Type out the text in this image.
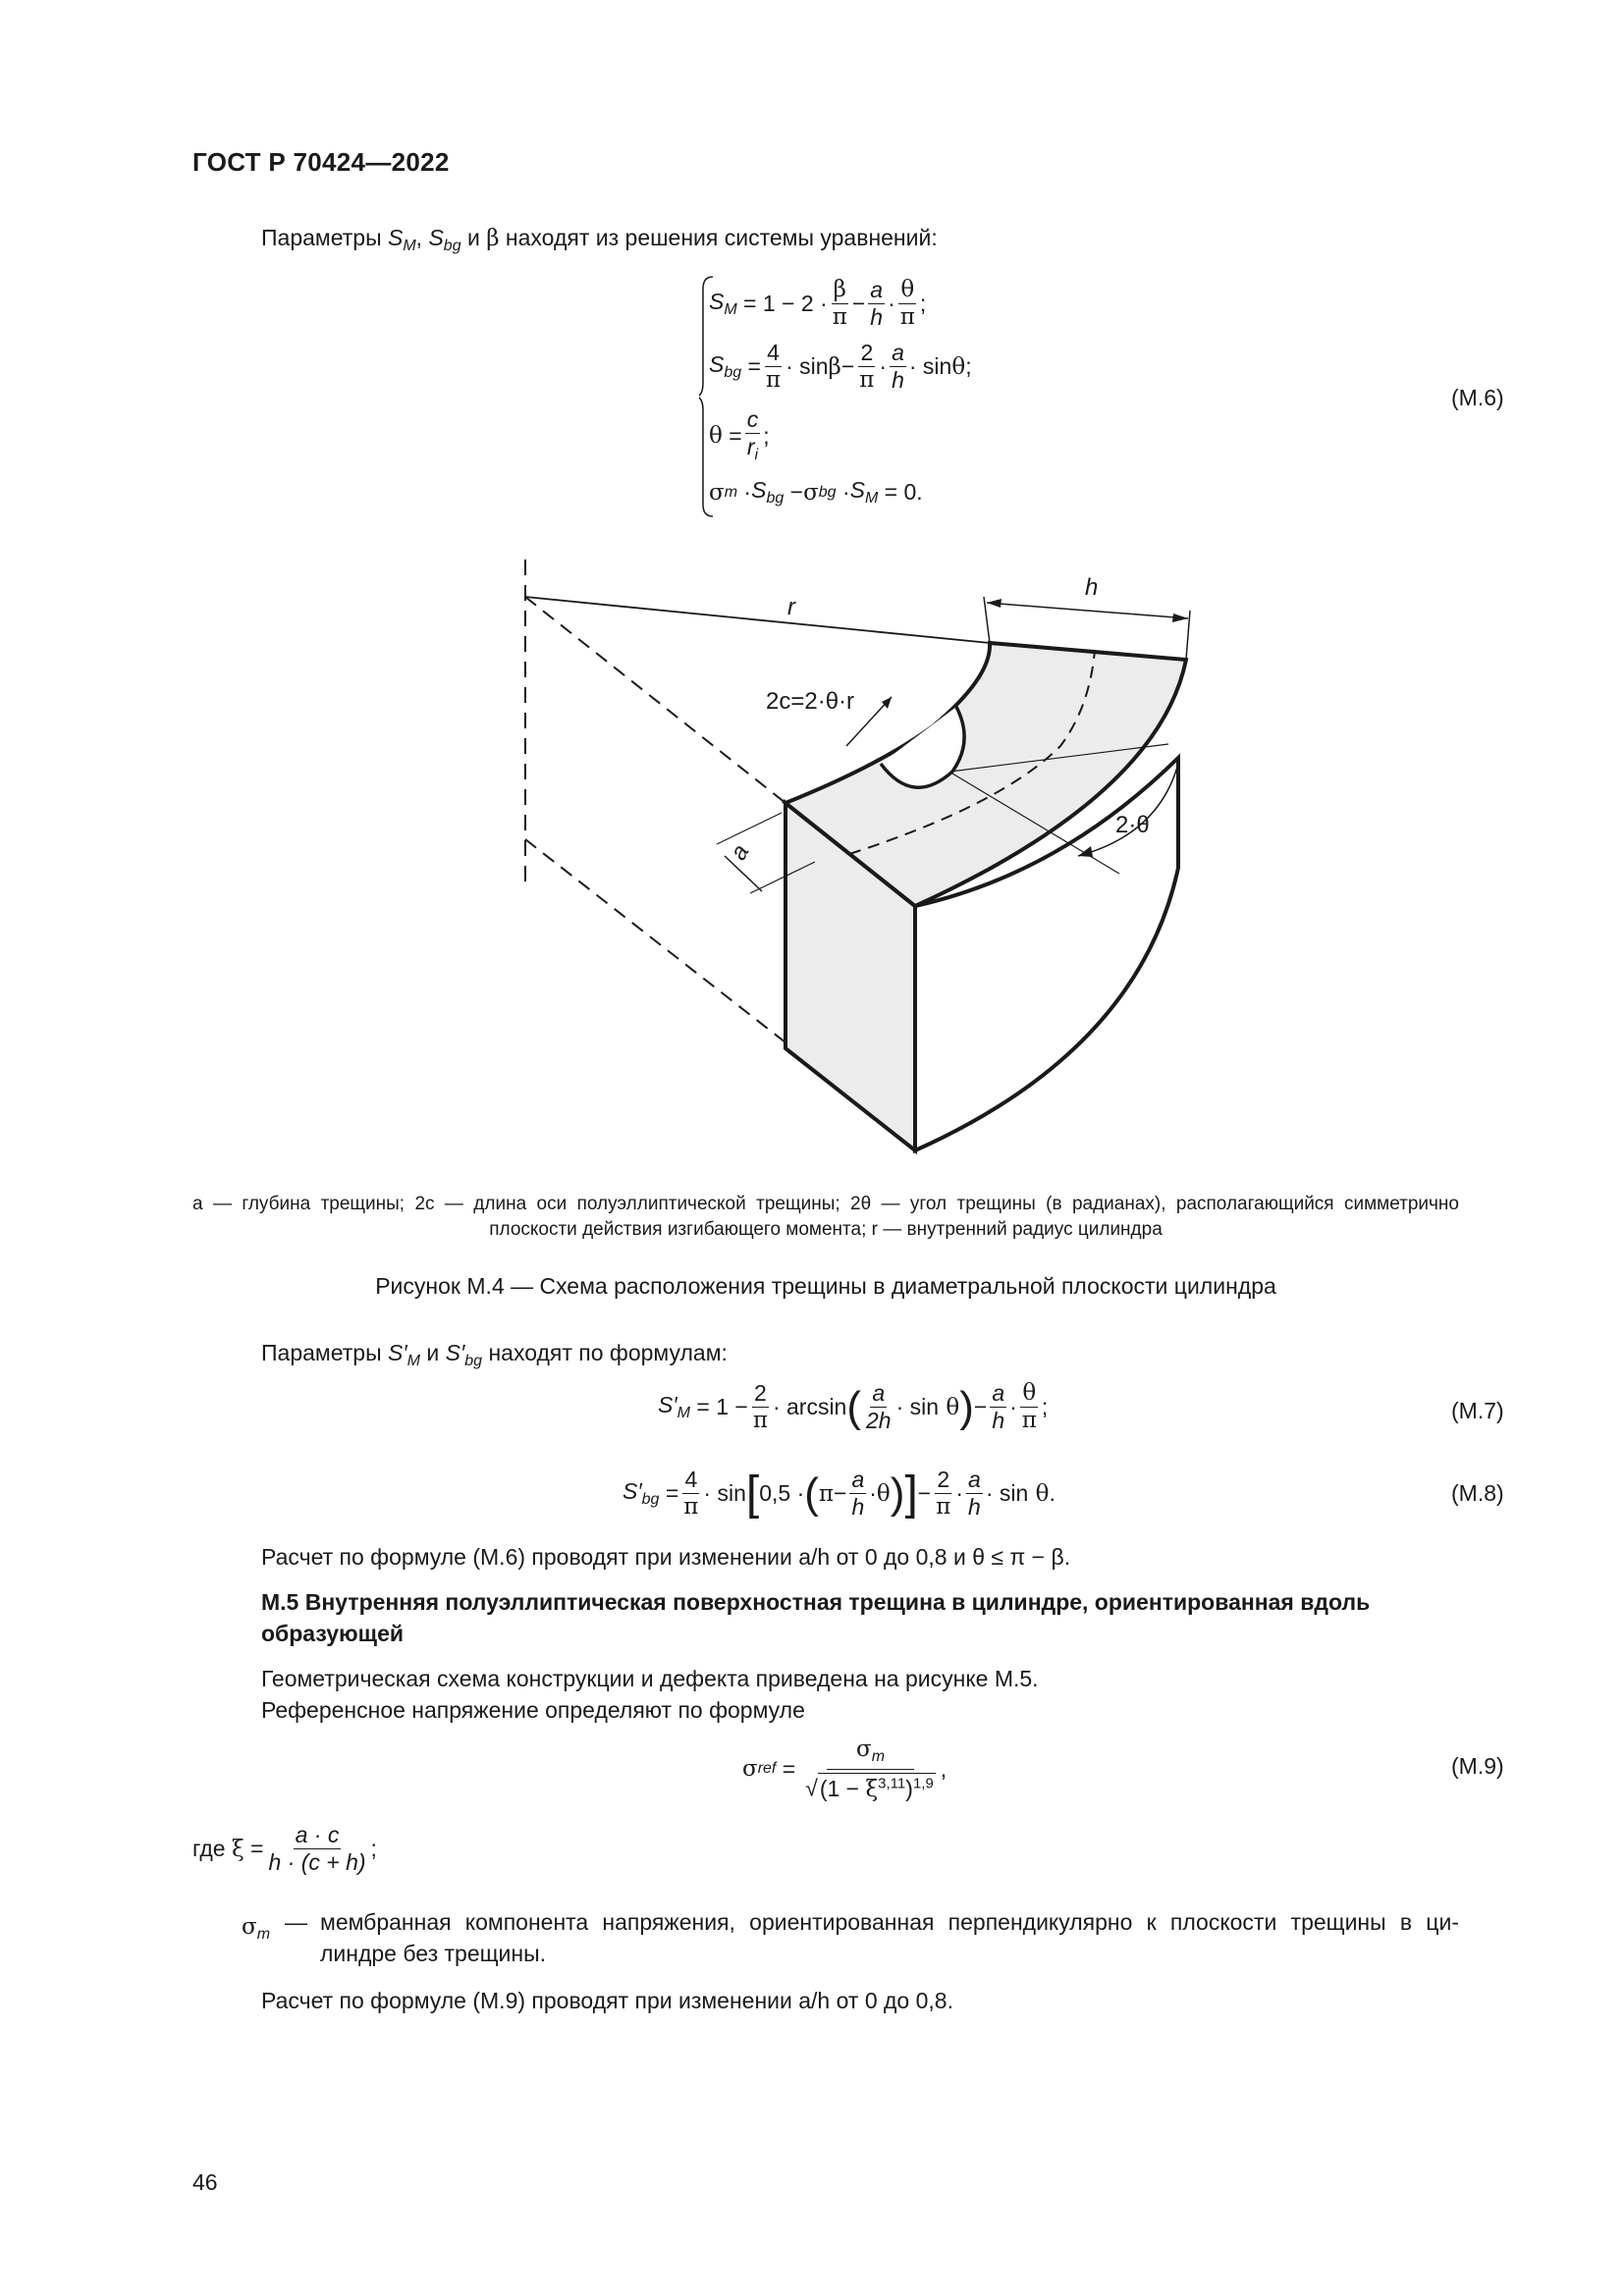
ГОСТ Р 70424—2022
Параметры $S_M$, $S_{bg}$ и β находят из решения системы уравнений:
$S_M = 1 - 2 \cdot \frac{\beta}{\pi} - \frac{a}{h} \cdot \frac{\theta}{\pi}$ ;
$S_{bg} = \frac{4}{\pi} \cdot \sin \beta - \frac{2}{\pi} \cdot \frac{a}{h} \cdot \sin \theta$ ;
$\theta = \frac{c}{r_i}$ ;
σ $m \cdot S_{bg} - \sigma$ bg · $S_M = 0$.
(М.6)
r
h
2c=2·θ·r
2·θ
a
a — глубина трещины; 2c — длина оси полуэллиптической трещины; 2θ — угол трещины (в радианах), располагающийся симметрично плоскости действия изгибающего момента; r — внутренний радиус цилиндра
Рисунок М.4 — Схема расположения трещины в диаметральной плоскости цилиндра
Параметры $S'_M$ и $S'_{bg}$ находят по формулам:
$S'_M = 1 - \frac{2}{\pi} \cdot \arcsin$ ( $\frac{a}{2h} \cdot \sin \theta$ ) − $\frac{a}{h} \cdot \frac{\theta}{\pi}$ ;	(М.7)
$S'_{bg} = \frac{4}{\pi} \cdot \sin$ [ 0,5 · ( $\pi - \frac{a}{h} \cdot \theta$ ) ] − $\frac{2}{\pi} \cdot \frac{a}{h} \cdot \sin \theta$ .	(М.8)
Расчет по формуле (М.6) проводят при изменении a/h от 0 до 0,8 и θ ≤ π − β.
М.5 Внутренняя полуэллиптическая поверхностная трещина в цилиндре, ориентированная вдоль
образующей
Геометрическая схема конструкции и дефекта приведена на рисунке М.5.
Референсное напряжение определяют по формуле
σ ref = $\frac{\sigma_m}{√(1 - \xi^{3,11})^{1,9}}$ ,	(М.9)
где
$\xi = \frac{a \cdot c}{h \cdot (c + h)}$ ;
$\sigma_m$ — мембранная компонента напряжения, ориентированная перпендикулярно к плоскости трещины в ци-
линдре без трещины.
Расчет по формуле (М.9) проводят при изменении a/h от 0 до 0,8.
46
